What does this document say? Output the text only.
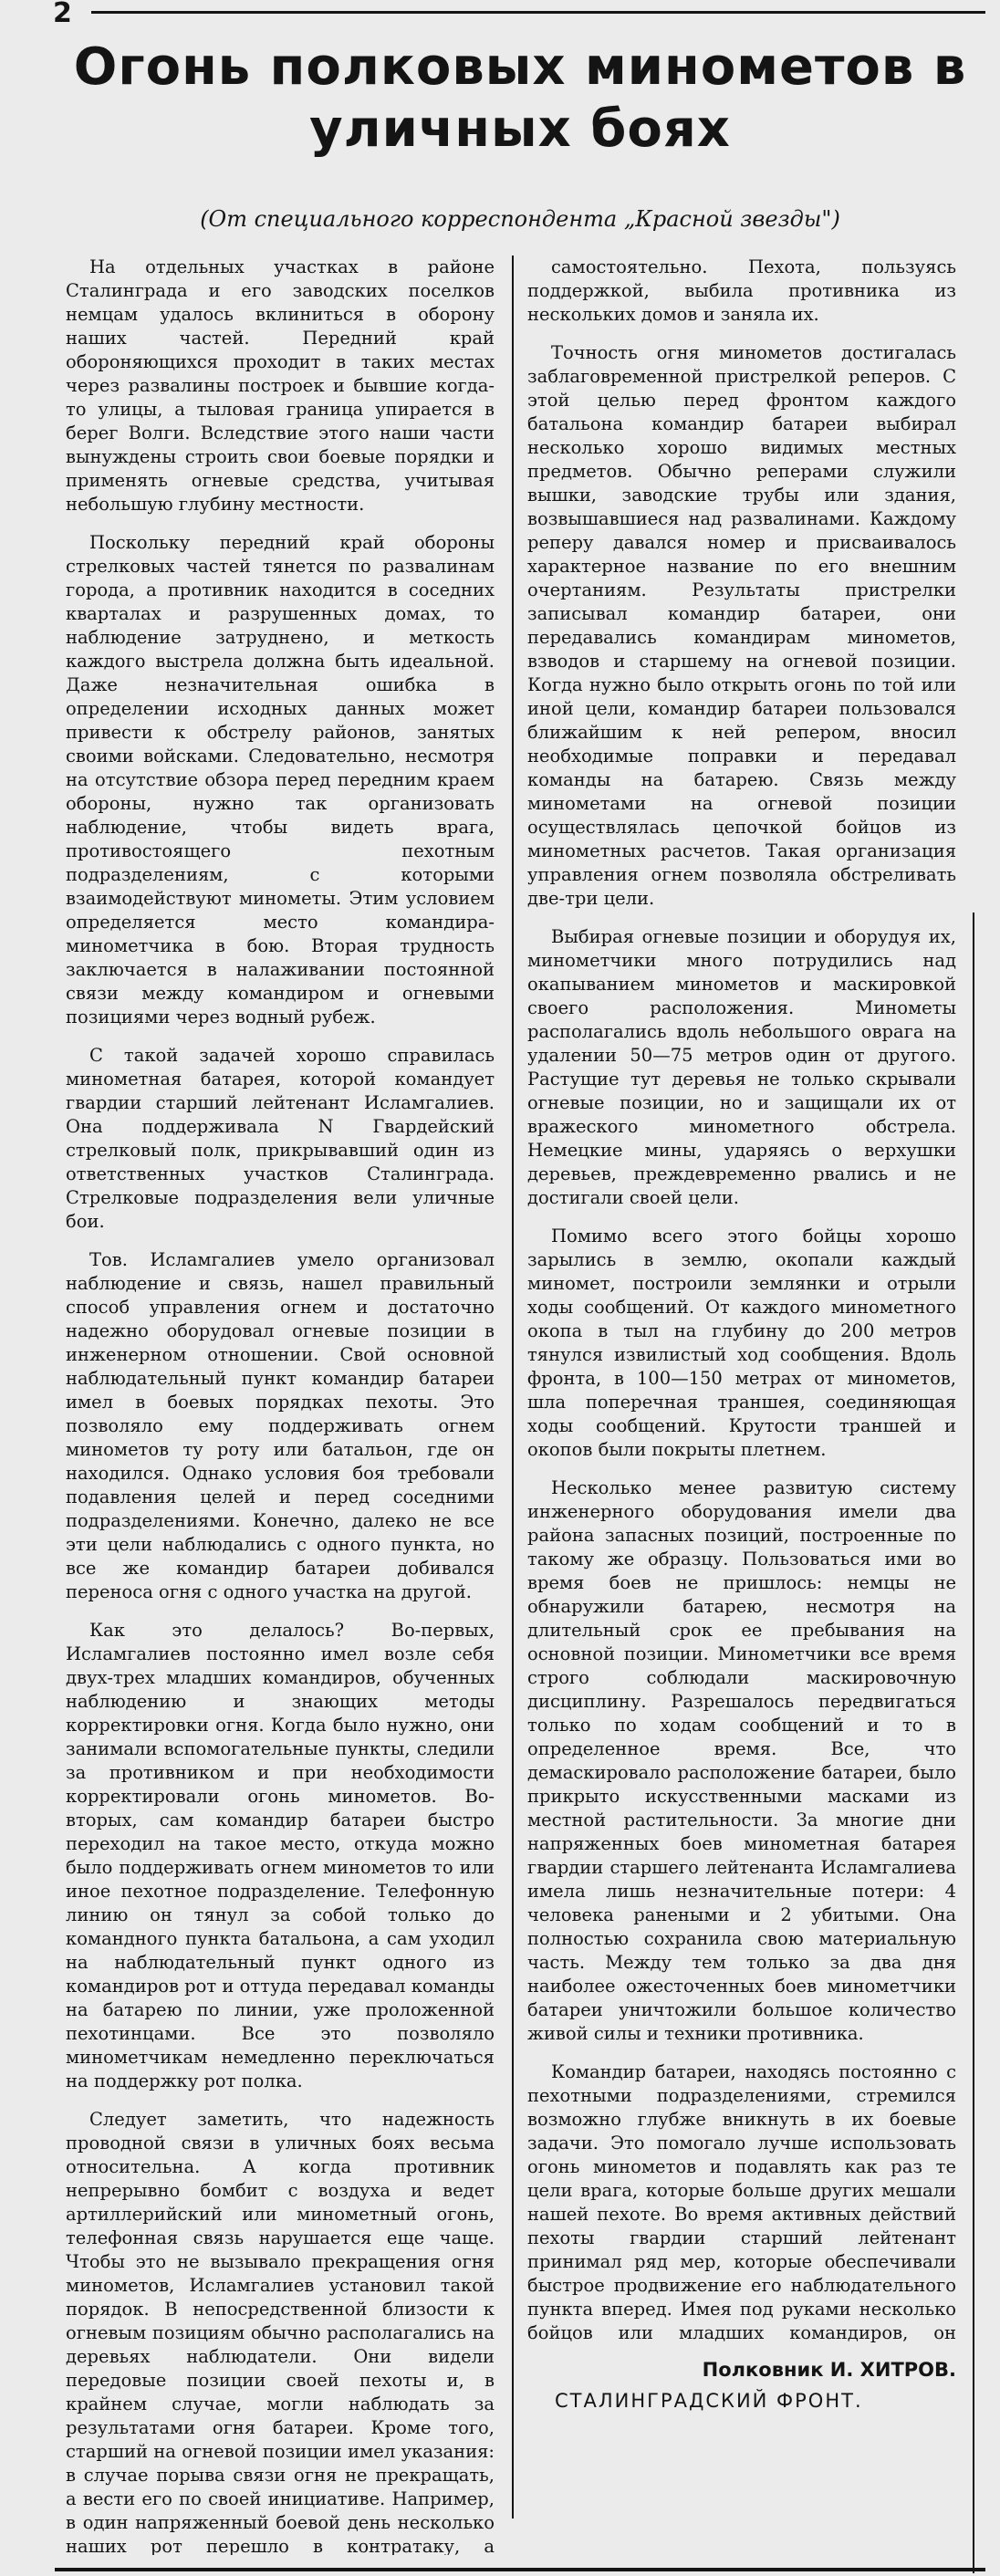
2
Огонь полковых минометов в уличных боях
(От специального корреспондента „Красной звезды")

На отдельных участках в районе Сталинграда и его заводских поселков немцам удалось вклиниться в оборону наших частей. Передний край обороняющихся проходит в таких местах через развалины построек и бывшие когда-то улицы, а тыловая граница упирается в берег Волги. Вследствие этого наши части вынуждены строить свои боевые порядки и применять огневые средства, учитывая небольшую глубину местности.

Поскольку передний край обороны стрелковых частей тянется по развалинам города, а противник находится в соседних кварталах и разрушенных домах, то наблюдение затруднено, и меткость каждого выстрела должна быть идеальной. Даже незначительная ошибка в определении исходных данных может привести к обстрелу районов, занятых своими войсками. Следовательно, несмотря на отсутствие обзора перед передним краем обороны, нужно так организовать наблюдение, чтобы видеть врага, противостоящего пехотным подразделениям, с которыми взаимодействуют минометы. Этим условием определяется место командира-минометчика в бою. Вторая трудность заключается в налаживании постоянной связи между командиром и огневыми позициями через водный рубеж.

С такой задачей хорошо справилась минометная батарея, которой командует гвардии старший лейтенант Исламгалиев. Она поддерживала N Гвардейский стрелковый полк, прикрывавший один из ответственных участков Сталинграда. Стрелковые подразделения вели уличные бои.

Тов. Исламгалиев умело организовал наблюдение и связь, нашел правильный способ управления огнем и достаточно надежно оборудовал огневые позиции в инженерном отношении. Свой основной наблюдательный пункт командир батареи имел в боевых порядках пехоты. Это позволяло ему поддерживать огнем минометов ту роту или батальон, где он находился. Однако условия боя требовали подавления целей и перед соседними подразделениями. Конечно, далеко не все эти цели наблюдались с одного пункта, но все же командир батареи добивался переноса огня с одного участка на другой.

Как это делалось? Во-первых, Исламгалиев постоянно имел возле себя двух-трех младших командиров, обученных наблюдению и знающих методы корректировки огня. Когда было нужно, они занимали вспомогательные пункты, следили за противником и при необходимости корректировали огонь минометов. Во-вторых, сам командир батареи быстро переходил на такое место, откуда можно было поддерживать огнем минометов то или иное пехотное подразделение. Телефонную линию он тянул за собой только до командного пункта батальона, а сам уходил на наблюдательный пункт одного из командиров рот и оттуда передавал команды на батарею по линии, уже проложенной пехотинцами. Все это позволяло минометчикам немедленно переключаться на поддержку рот полка.

Следует заметить, что надежность проводной связи в уличных боях весьма относительна. А когда противник непрерывно бомбит с воздуха и ведет артиллерийский или минометный огонь, телефонная связь нарушается еще чаще. Чтобы это не вызывало прекращения огня минометов, Исламгалиев установил такой порядок. В непосредственной близости к огневым позициям обычно располагались на деревьях наблюдатели. Они видели передовые позиции своей пехоты и, в крайнем случае, могли наблюдать за результатами огня батареи. Кроме того, старший на огневой позиции имел указания: в случае порыва связи огня не прекращать, а вести его по своей инициативе. Например, в один напряженный боевой день несколько наших рот перешло в контратаку, а

самостоятельно. Пехота, пользуясь поддержкой, выбила противника из нескольких домов и заняла их.

Точность огня минометов достигалась заблаговременной пристрелкой реперов. С этой целью перед фронтом каждого батальона командир батареи выбирал несколько хорошо видимых местных предметов. Обычно реперами служили вышки, заводские трубы или здания, возвышавшиеся над развалинами. Каждому реперу давался номер и присваивалось характерное название по его внешним очертаниям. Результаты пристрелки записывал командир батареи, они передавались командирам минометов, взводов и старшему на огневой позиции. Когда нужно было открыть огонь по той или иной цели, командир батареи пользовался ближайшим к ней репером, вносил необходимые поправки и передавал команды на батарею. Связь между минометами на огневой позиции осуществлялась цепочкой бойцов из минометных расчетов. Такая организация управления огнем позволяла обстреливать две-три цели.

Выбирая огневые позиции и оборудуя их, минометчики много потрудились над окапыванием минометов и маскировкой своего расположения. Минометы располагались вдоль небольшого оврага на удалении 50—75 метров один от другого. Растущие тут деревья не только скрывали огневые позиции, но и защищали их от вражеского минометного обстрела. Немецкие мины, ударяясь о верхушки деревьев, преждевременно рвались и не достигали своей цели.

Помимо всего этого бойцы хорошо зарылись в землю, окопали каждый миномет, построили землянки и отрыли ходы сообщений. От каждого минометного окопа в тыл на глубину до 200 метров тянулся извилистый ход сообщения. Вдоль фронта, в 100—150 метрах от минометов, шла поперечная траншея, соединяющая ходы сообщений. Крутости траншей и окопов были покрыты плетнем.

Несколько менее развитую систему инженерного оборудования имели два района запасных позиций, построенные по такому же образцу. Пользоваться ими во время боев не пришлось: немцы не обнаружили батарею, несмотря на длительный срок ее пребывания на основной позиции. Минометчики все время строго соблюдали маскировочную дисциплину. Разрешалось передвигаться только по ходам сообщений и то в определенное время. Все, что демаскировало расположение батареи, было прикрыто искусственными масками из местной растительности. За многие дни напряженных боев минометная батарея гвардии старшего лейтенанта Исламгалиева имела лишь незначительные потери: 4 человека ранеными и 2 убитыми. Она полностью сохранила свою материальную часть. Между тем только за два дня наиболее ожесточенных боев минометчики батареи уничтожили большое количество живой силы и техники противника.

Командир батареи, находясь постоянно с пехотными подразделениями, стремился возможно глубже вникнуть в их боевые задачи. Это помогало лучше использовать огонь минометов и подавлять как раз те цели врага, которые больше других мешали нашей пехоте. Во время активных действий пехоты гвардии старший лейтенант принимал ряд мер, которые обеспечивали быстрое продвижение его наблюдательного пункта вперед. Имея под руками несколько бойцов или младших командиров, он

Полковник И. ХИТРОВ.
СТАЛИНГРАДСКИЙ ФРОНТ.
